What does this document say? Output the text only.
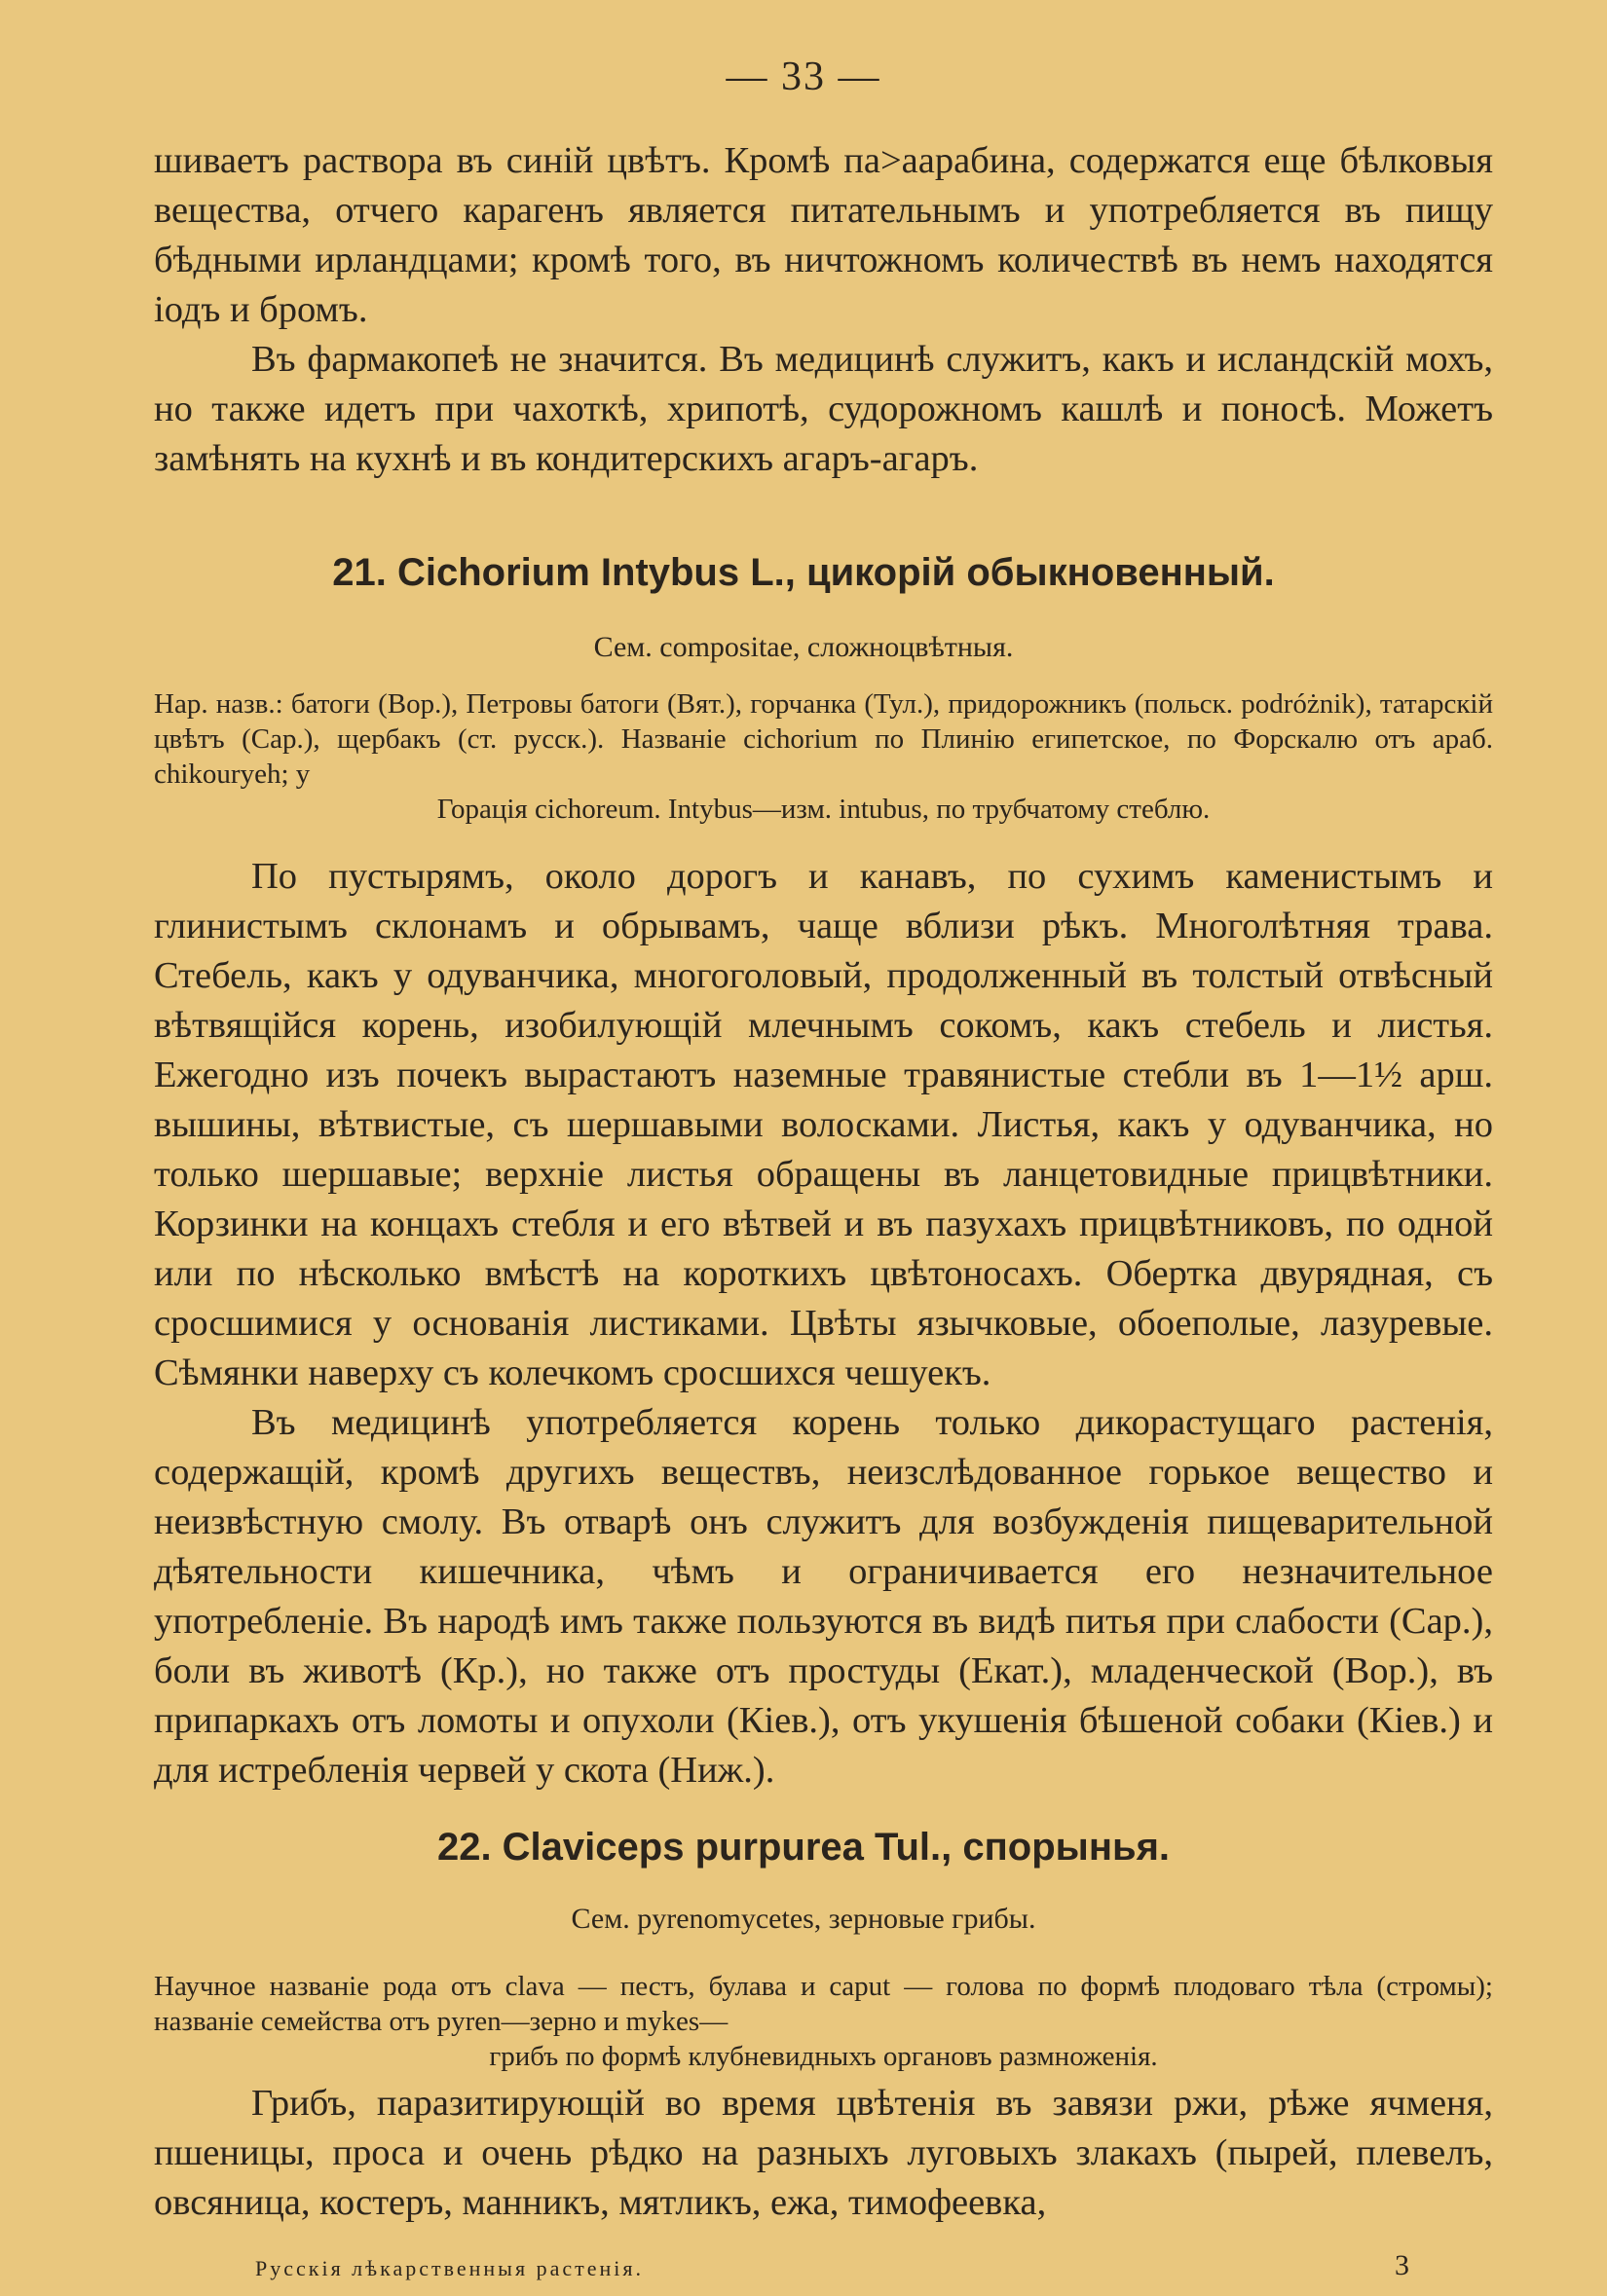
— 33 —

шиваетъ раствора въ синій цвѣтъ. Кромѣ па>аарабина, содержатся еще бѣлковыя вещества, отчего карагенъ является питательнымъ и употребляется въ пищу бѣдными ирландцами; кромѣ того, въ ничтожномъ количествѣ въ немъ находятся іодъ и бромъ.

Въ фармакопеѣ не значится. Въ медицинѣ служитъ, какъ и исландскій мохъ, но также идетъ при чахоткѣ, хрипотѣ, судорожномъ кашлѣ и поносѣ. Можетъ замѣнять на кухнѣ и въ кондитерскихъ агаръ-агаръ.

21. Cichorium Intybus L., цикорій обыкновенный.
Сем. compositae, сложноцвѣтныя.

Нар. назв.: батоги (Вор.), Петровы батоги (Вят.), горчанка (Тул.), придорожникъ (польск. podróżnik), татарскій цвѣтъ (Сар.), щербакъ (ст. русск.). Названіе cichorium по Плинію египетское, по Форскалю отъ араб. chikouryeh; у
Горація cichoreum. Intybus—изм. intubus, по трубчатому стеблю.

По пустырямъ, около дорогъ и канавъ, по сухимъ каменистымъ и глинистымъ склонамъ и обрывамъ, чаще вблизи рѣкъ. Многолѣтняя трава. Стебель, какъ у одуванчика, многоголовый, продолженный въ толстый отвѣсный вѣтвящійся корень, изобилующій млечнымъ сокомъ, какъ стебель и листья. Ежегодно изъ почекъ вырастаютъ наземные травянистые стебли въ 1—1½ арш. вышины, вѣтвистые, съ шершавыми волосками. Листья, какъ у одуванчика, но только шершавые; верхніе листья обращены въ ланцетовидные прицвѣтники. Корзинки на концахъ стебля и его вѣтвей и въ пазухахъ прицвѣтниковъ, по одной или по нѣсколько вмѣстѣ на короткихъ цвѣтоносахъ. Обертка двурядная, съ сросшимися у основанія листиками. Цвѣты язычковые, обоеполые, лазуревые. Сѣмянки наверху съ колечкомъ сросшихся чешуекъ.

Въ медицинѣ употребляется корень только дикорастущаго растенія, содержащій, кромѣ другихъ веществъ, неизслѣдованное горькое вещество и неизвѣстную смолу. Въ отварѣ онъ служитъ для возбужденія пищеварительной дѣятельности кишечника, чѣмъ и ограничивается его незначительное употребленіе. Въ народѣ имъ также пользуются въ видѣ питья при слабости (Сар.), боли въ животѣ (Кр.), но также отъ простуды (Екат.), младенческой (Вор.), въ припаркахъ отъ ломоты и опухоли (Кіев.), отъ укушенія бѣшеной собаки (Кіев.) и для истребленія червей у скота (Ниж.).

22. Claviceps purpurea Tul., спорынья.
Сем. pyrenomycetes, зерновые грибы.

Научное названіе рода отъ clava — пестъ, булава и caput — голова по формѣ плодоваго тѣла (стромы); названіе семейства отъ pyren—зерно и mykes—
грибъ по формѣ клубневидныхъ органовъ размноженія.

Грибъ, паразитирующій во время цвѣтенія въ завязи ржи, рѣже ячменя, пшеницы, проса и очень рѣдко на разныхъ луговыхъ злакахъ (пырей, плевелъ, овсяница, костеръ, манникъ, мятликъ, ежа, тимофеевка,

Русскія лѣкарственныя растенія.	3
